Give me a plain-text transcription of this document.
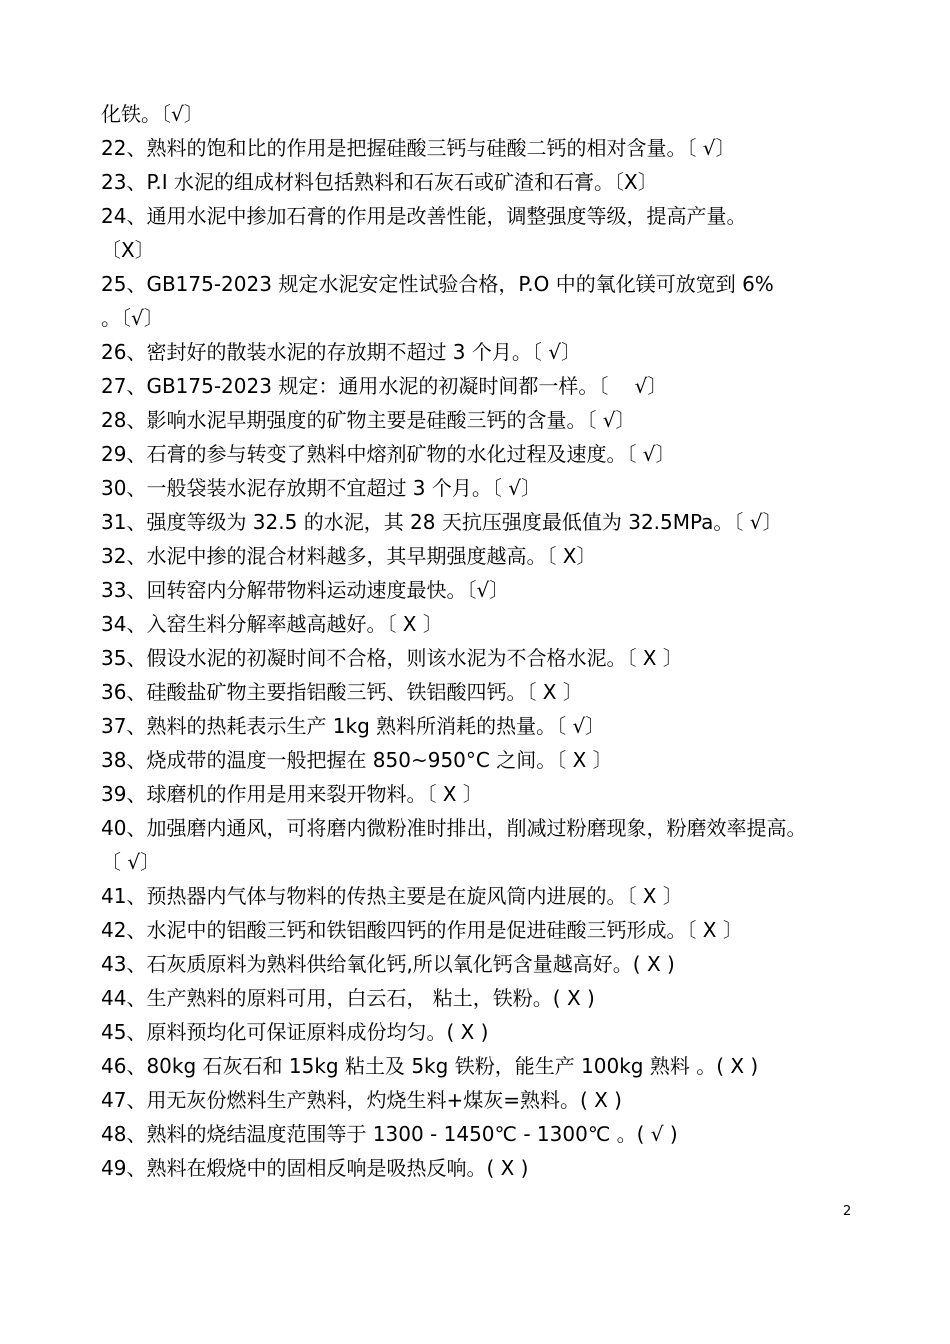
化铁。〔√〕
22、熟料的饱和比的作用是把握硅酸三钙与硅酸二钙的相对含量。〔 √〕
23、P.I 水泥的组成材料包括熟料和石灰石或矿渣和石膏。〔X〕
24、通用水泥中掺加石膏的作用是改善性能，调整强度等级，提高产量。
〔X〕
25、GB175-2023 规定水泥安定性试验合格，P.O 中的氧化镁可放宽到 6%
。〔√〕
26、密封好的散装水泥的存放期不超过 3 个月。〔 √〕
27、GB175-2023 规定：通用水泥的初凝时间都一样。〔　 √〕
28、影响水泥早期强度的矿物主要是硅酸三钙的含量。〔 √〕
29、石膏的参与转变了熟料中熔剂矿物的水化过程及速度。〔 √〕
30、一般袋装水泥存放期不宜超过 3 个月。〔 √〕
31、强度等级为 32.5 的水泥，其 28 天抗压强度最低值为 32.5MPa。〔 √〕
32、水泥中掺的混合材料越多，其早期强度越高。〔 X〕
33、回转窑内分解带物料运动速度最快。〔√〕
34、入窑生料分解率越高越好。〔 X 〕
35、假设水泥的初凝时间不合格，则该水泥为不合格水泥。〔 X 〕
36、硅酸盐矿物主要指铝酸三钙、铁铝酸四钙。〔 X 〕
37、熟料的热耗表示生产 1kg 熟料所消耗的热量。〔 √〕
38、烧成带的温度一般把握在 850~950°C 之间。〔 X 〕
39、球磨机的作用是用来裂开物料。〔 X 〕
40、加强磨内通风，可将磨内微粉准时排出，削减过粉磨现象，粉磨效率提高。
〔 √〕
41、预热器内气体与物料的传热主要是在旋风筒内进展的。〔 X 〕
42、水泥中的铝酸三钙和铁铝酸四钙的作用是促进硅酸三钙形成。〔 X 〕
43、石灰质原料为熟料供给氧化钙,所以氧化钙含量越高好。( X )
44、生产熟料的原料可用，白云石， 粘土，铁粉。( X )
45、原料预均化可保证原料成份均匀。( X )
46、80kg 石灰石和 15kg 粘土及 5kg 铁粉，能生产 100kg 熟料 。( X )
47、用无灰份燃料生产熟料，灼烧生料+煤灰=熟料。( X )
48、熟料的烧结温度范围等于 1300 - 1450℃ - 1300℃ 。( √ )
49、熟料在煅烧中的固相反响是吸热反响。( X )
2
